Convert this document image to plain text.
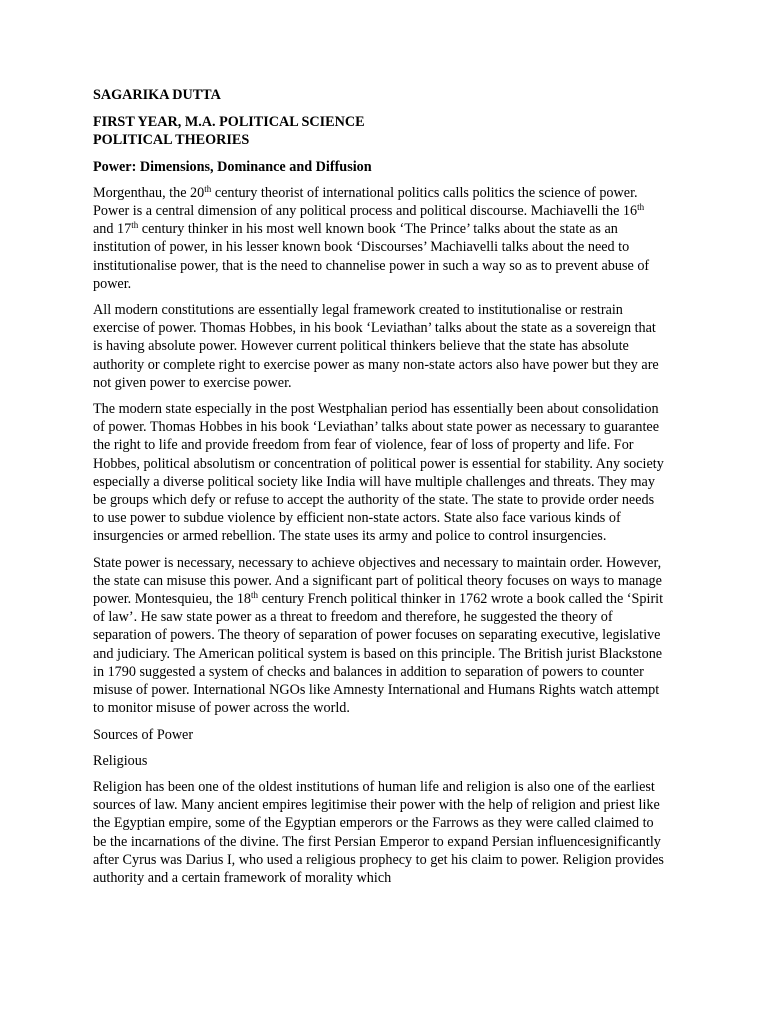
SAGARIKA DUTTA
FIRST YEAR, M.A. POLITICAL SCIENCE
POLITICAL THEORIES
Power: Dimensions, Dominance and Diffusion

Morgenthau, the 20th century theorist of international politics calls politics the science of power. Power is a central dimension of any political process and political discourse. Machiavelli the 16th and 17th century thinker in his most well known book ‘The Prince’ talks about the state as an institution of power, in his lesser known book ‘Discourses’ Machiavelli talks about the need to institutionalise power, that is the need to channelise power in such a way so as to prevent abuse of power.

All modern constitutions are essentially legal framework created to institutionalise or restrain exercise of power. Thomas Hobbes, in his book ‘Leviathan’ talks about the state as a sovereign that is having absolute power. However current political thinkers believe that the state has absolute authority or complete right to exercise power as many non-state actors also have power but they are not given power to exercise power.

The modern state especially in the post Westphalian period has essentially been about consolidation of power. Thomas Hobbes in his book ‘Leviathan’ talks about state power as necessary to guarantee the right to life and provide freedom from fear of violence, fear of loss of property and life. For Hobbes, political absolutism or concentration of political power is essential for stability. Any society especially a diverse political society like India will have multiple challenges and threats. They may be groups which defy or refuse to accept the authority of the state. The state to provide order needs to use power to subdue violence by efficient non-state actors. State also face various kinds of insurgencies or armed rebellion. The state uses its army and police to control insurgencies.

State power is necessary, necessary to achieve objectives and necessary to maintain order. However, the state can misuse this power. And a significant part of political theory focuses on ways to manage power. Montesquieu, the 18th century French political thinker in 1762 wrote a book called the ‘Spirit of law’. He saw state power as a threat to freedom and therefore, he suggested the theory of separation of powers. The theory of separation of power focuses on separating executive, legislative and judiciary. The American political system is based on this principle. The British jurist Blackstone in 1790 suggested a system of checks and balances in addition to separation of powers to counter misuse of power. International NGOs like Amnesty International and Humans Rights watch attempt to monitor misuse of power across the world.

Sources of Power
Religious

Religion has been one of the oldest institutions of human life and religion is also one of the earliest sources of law. Many ancient empires legitimise their power with the help of religion and priest like the Egyptian empire, some of the Egyptian emperors or the Farrows as they were called claimed to be the incarnations of the divine. The first Persian Emperor to expand Persian influencesignificantly after Cyrus was Darius I, who used a religious prophecy to get his claim to power. Religion provides authority and a certain framework of morality which
